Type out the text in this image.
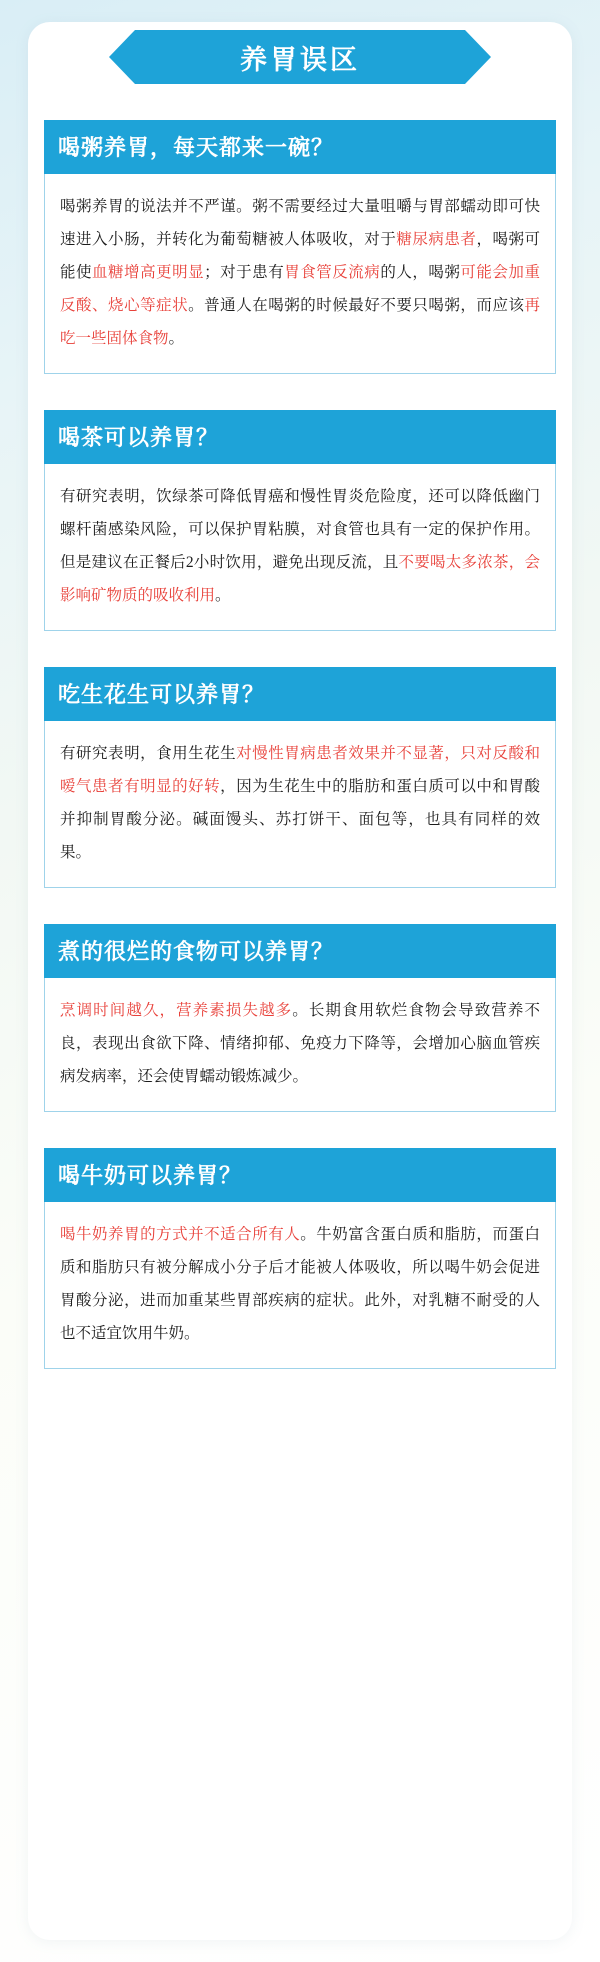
养胃误区
喝粥养胃，每天都来一碗？

喝粥养胃的说法并不严谨。粥不需要经过大量咀嚼与胃部蠕动即可快速进入小肠，并转化为葡萄糖被人体吸收，对于糖尿病患者，喝粥可能使血糖增高更明显；对于患有胃食管反流病的人，喝粥可能会加重反酸、烧心等症状。普通人在喝粥的时候最好不要只喝粥，而应该再吃一些固体食物。

喝茶可以养胃？

有研究表明，饮绿茶可降低胃癌和慢性胃炎危险度，还可以降低幽门螺杆菌感染风险，可以保护胃粘膜，对食管也具有一定的保护作用。但是建议在正餐后2小时饮用，避免出现反流，且不要喝太多浓茶，会影响矿物质的吸收利用。

吃生花生可以养胃？

有研究表明，食用生花生对慢性胃病患者效果并不显著，只对反酸和嗳气患者有明显的好转，因为生花生中的脂肪和蛋白质可以中和胃酸并抑制胃酸分泌。碱面馒头、苏打饼干、面包等，也具有同样的效果。

煮的很烂的食物可以养胃？

烹调时间越久，营养素损失越多。长期食用软烂食物会导致营养不良，表现出食欲下降、情绪抑郁、免疫力下降等，会增加心脑血管疾病发病率，还会使胃蠕动锻炼减少。

喝牛奶可以养胃？

喝牛奶养胃的方式并不适合所有人。牛奶富含蛋白质和脂肪，而蛋白质和脂肪只有被分解成小分子后才能被人体吸收，所以喝牛奶会促进胃酸分泌，进而加重某些胃部疾病的症状。此外，对乳糖不耐受的人也不适宜饮用牛奶。
